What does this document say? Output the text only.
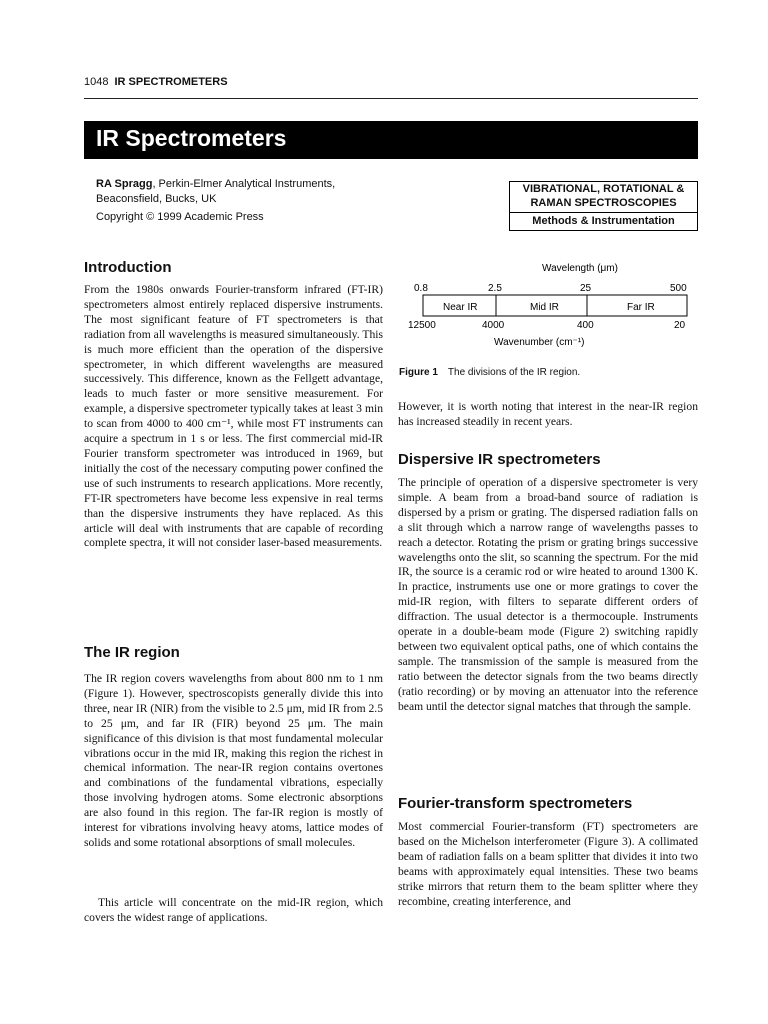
1048 IR SPECTROMETERS
IR Spectrometers
RA Spragg, Perkin-Elmer Analytical Instruments,
Beaconsfield, Bucks, UK
Copyright © 1999 Academic Press
VIBRATIONAL, ROTATIONAL &
RAMAN SPECTROSCOPIES
Methods & Instrumentation
Introduction

From the 1980s onwards Fourier-transform infrared (FT-IR) spectrometers almost entirely replaced dispersive instruments. The most significant feature of FT spectrometers is that radiation from all wavelengths is measured simultaneously. This is much more efficient than the operation of the dispersive spectrometer, in which different wavelengths are measured successively. This difference, known as the Fellgett advantage, leads to much faster or more sensitive measurement. For example, a dispersive spectrometer typically takes at least 3 min to scan from 4000 to 400 cm⁻¹, while most FT instruments can acquire a spectrum in 1 s or less. The first commercial mid-IR Fourier transform spectrometer was introduced in 1969, but initially the cost of the necessary computing power confined the use of such instruments to research applications. More recently, FT-IR spectrometers have become less expensive in real terms than the dispersive instruments they have replaced. As this article will deal with instruments that are capable of recording complete spectra, it will not consider laser-based measurements.

The IR region

The IR region covers wavelengths from about 800 nm to 1 nm (Figure 1). However, spectroscopists generally divide this into three, near IR (NIR) from the visible to 2.5 μm, mid IR from 2.5 to 25 μm, and far IR (FIR) beyond 25 μm. The main significance of this division is that most fundamental molecular vibrations occur in the mid IR, making this region the richest in chemical information. The near-IR region contains overtones and combinations of the fundamental vibrations, especially those involving hydrogen atoms. Some electronic absorptions are also found in this region. The far-IR region is mostly of interest for vibrations involving heavy atoms, lattice modes of solids and some rotational absorptions of small molecules.

This article will concentrate on the mid-IR region, which covers the widest range of applications.

Wavelength (μm)
0.8	2.5	25	500
Near IR	Mid IR	Far IR
12500	4000	400	20
Wavenumber (cm⁻¹)
Figure 1 The divisions of the IR region.

However, it is worth noting that interest in the near-IR region has increased steadily in recent years.

Dispersive IR spectrometers

The principle of operation of a dispersive spectrometer is very simple. A beam from a broad-band source of radiation is dispersed by a prism or grating. The dispersed radiation falls on a slit through which a narrow range of wavelengths passes to reach a detector. Rotating the prism or grating brings successive wavelengths onto the slit, so scanning the spectrum. For the mid IR, the source is a ceramic rod or wire heated to around 1300 K. In practice, instruments use one or more gratings to cover the mid-IR region, with filters to separate different orders of diffraction. The usual detector is a thermocouple. Instruments operate in a double-beam mode (Figure 2) switching rapidly between two equivalent optical paths, one of which contains the sample. The transmission of the sample is measured from the ratio between the detector signals from the two beams directly (ratio recording) or by moving an attenuator into the reference beam until the detector signal matches that through the sample.

Fourier-transform spectrometers

Most commercial Fourier-transform (FT) spectrometers are based on the Michelson interferometer (Figure 3). A collimated beam of radiation falls on a beam splitter that divides it into two beams with approximately equal intensities. These two beams strike mirrors that return them to the beam splitter where they recombine, creating interference, and
